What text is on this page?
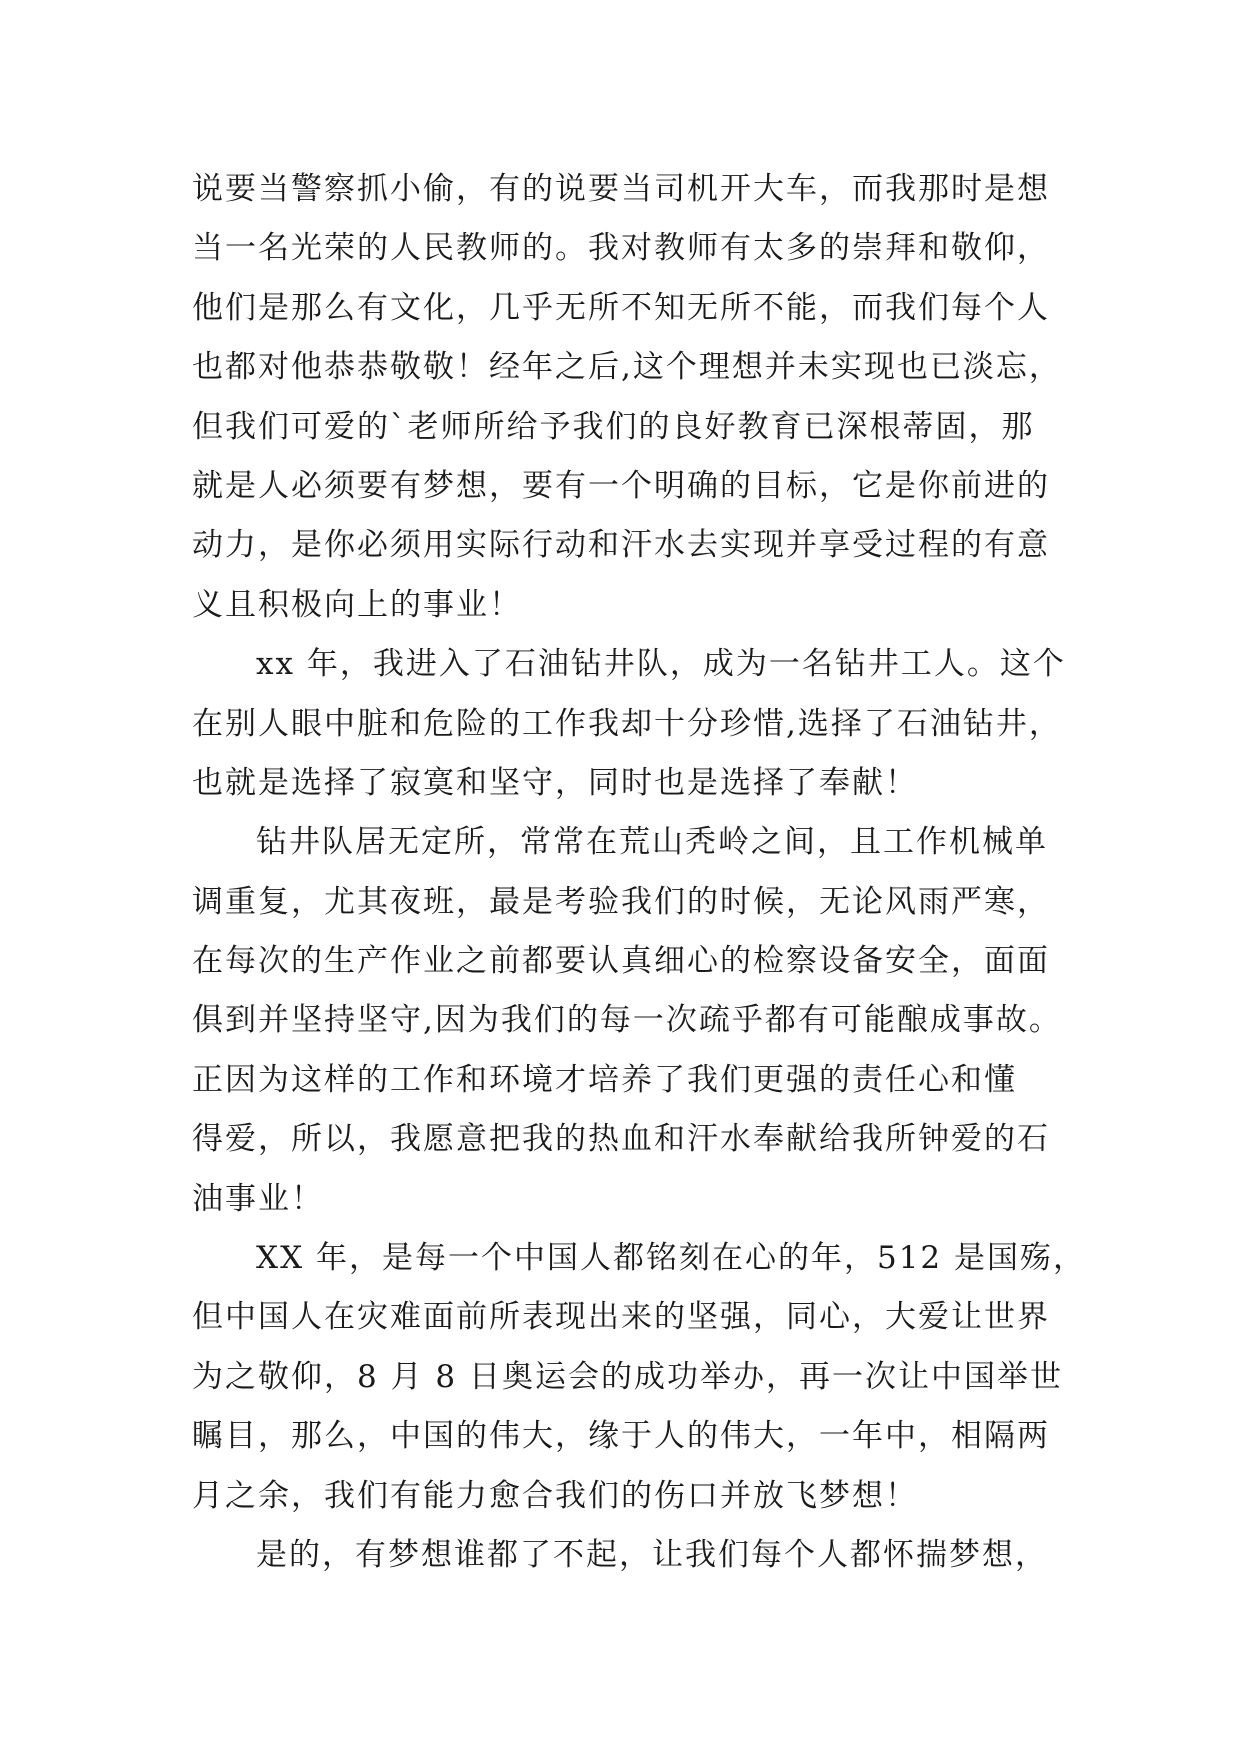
说要当警察抓小偷，有的说要当司机开大车，而我那时是想
当一名光荣的人民教师的。我对教师有太多的崇拜和敬仰，
他们是那么有文化，几乎无所不知无所不能，而我们每个人
也都对他恭恭敬敬！经年之后,这个理想并未实现也已淡忘，
但我们可爱的`老师所给予我们的良好教育已深根蒂固，那
就是人必须要有梦想，要有一个明确的目标，它是你前进的
动力，是你必须用实际行动和汗水去实现并享受过程的有意
义且积极向上的事业！
xx 年，我进入了石油钻井队，成为一名钻井工人。这个
在别人眼中脏和危险的工作我却十分珍惜,选择了石油钻井，
也就是选择了寂寞和坚守，同时也是选择了奉献！
钻井队居无定所，常常在荒山秃岭之间，且工作机械单
调重复，尤其夜班，最是考验我们的时候，无论风雨严寒，
在每次的生产作业之前都要认真细心的检察设备安全，面面
俱到并坚持坚守,因为我们的每一次疏乎都有可能酿成事故。
正因为这样的工作和环境才培养了我们更强的责任心和懂
得爱，所以，我愿意把我的热血和汗水奉献给我所钟爱的石
油事业！
XX 年，是每一个中国人都铭刻在心的年，512 是国殇，
但中国人在灾难面前所表现出来的坚强，同心，大爱让世界
为之敬仰，8 月 8 日奥运会的成功举办，再一次让中国举世
瞩目，那么，中国的伟大，缘于人的伟大，一年中，相隔两
月之余，我们有能力愈合我们的伤口并放飞梦想！
是的，有梦想谁都了不起，让我们每个人都怀揣梦想，
